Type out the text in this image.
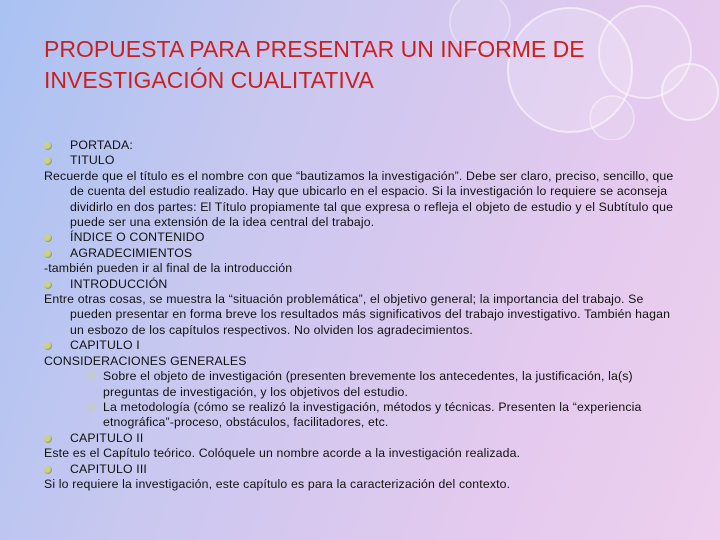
PROPUESTA PARA PRESENTAR UN INFORME DE INVESTIGACIÓN CUALITATIVA

PORTADA:

TITULO

Recuerde que el título es el nombre con que “bautizamos la investigación”. Debe ser claro, preciso, sencillo, que de cuenta del estudio realizado. Hay que ubicarlo en el espacio. Si la investigación lo requiere se aconseja dividirlo en dos partes: El Título propiamente tal que expresa o refleja el objeto de estudio y el Subtítulo que puede ser una extensión de la idea central del trabajo.

ÍNDICE O CONTENIDO

AGRADECIMIENTOS

-también pueden ir al final de la introducción

INTRODUCCIÓN

Entre otras cosas, se muestra la “situación problemática”, el objetivo general; la importancia del trabajo. Se pueden presentar en forma breve los resultados más significativos del trabajo investigativo. También hagan un esbozo de los capítulos respectivos. No olviden los agradecimientos.

CAPITULO I

CONSIDERACIONES GENERALES

Sobre el objeto de investigación (presenten brevemente los antecedentes, la justificación, la(s) preguntas de investigación, y los objetivos del estudio.

La metodología (cómo se realizó la investigación, métodos y técnicas. Presenten la “experiencia etnográfica”-proceso, obstáculos, facilitadores, etc.

CAPITULO II

Este es el Capítulo teórico. Colóquele un nombre acorde a la investigación realizada.

CAPITULO III

Si lo requiere la investigación, este capítulo es para la caracterización del contexto.
